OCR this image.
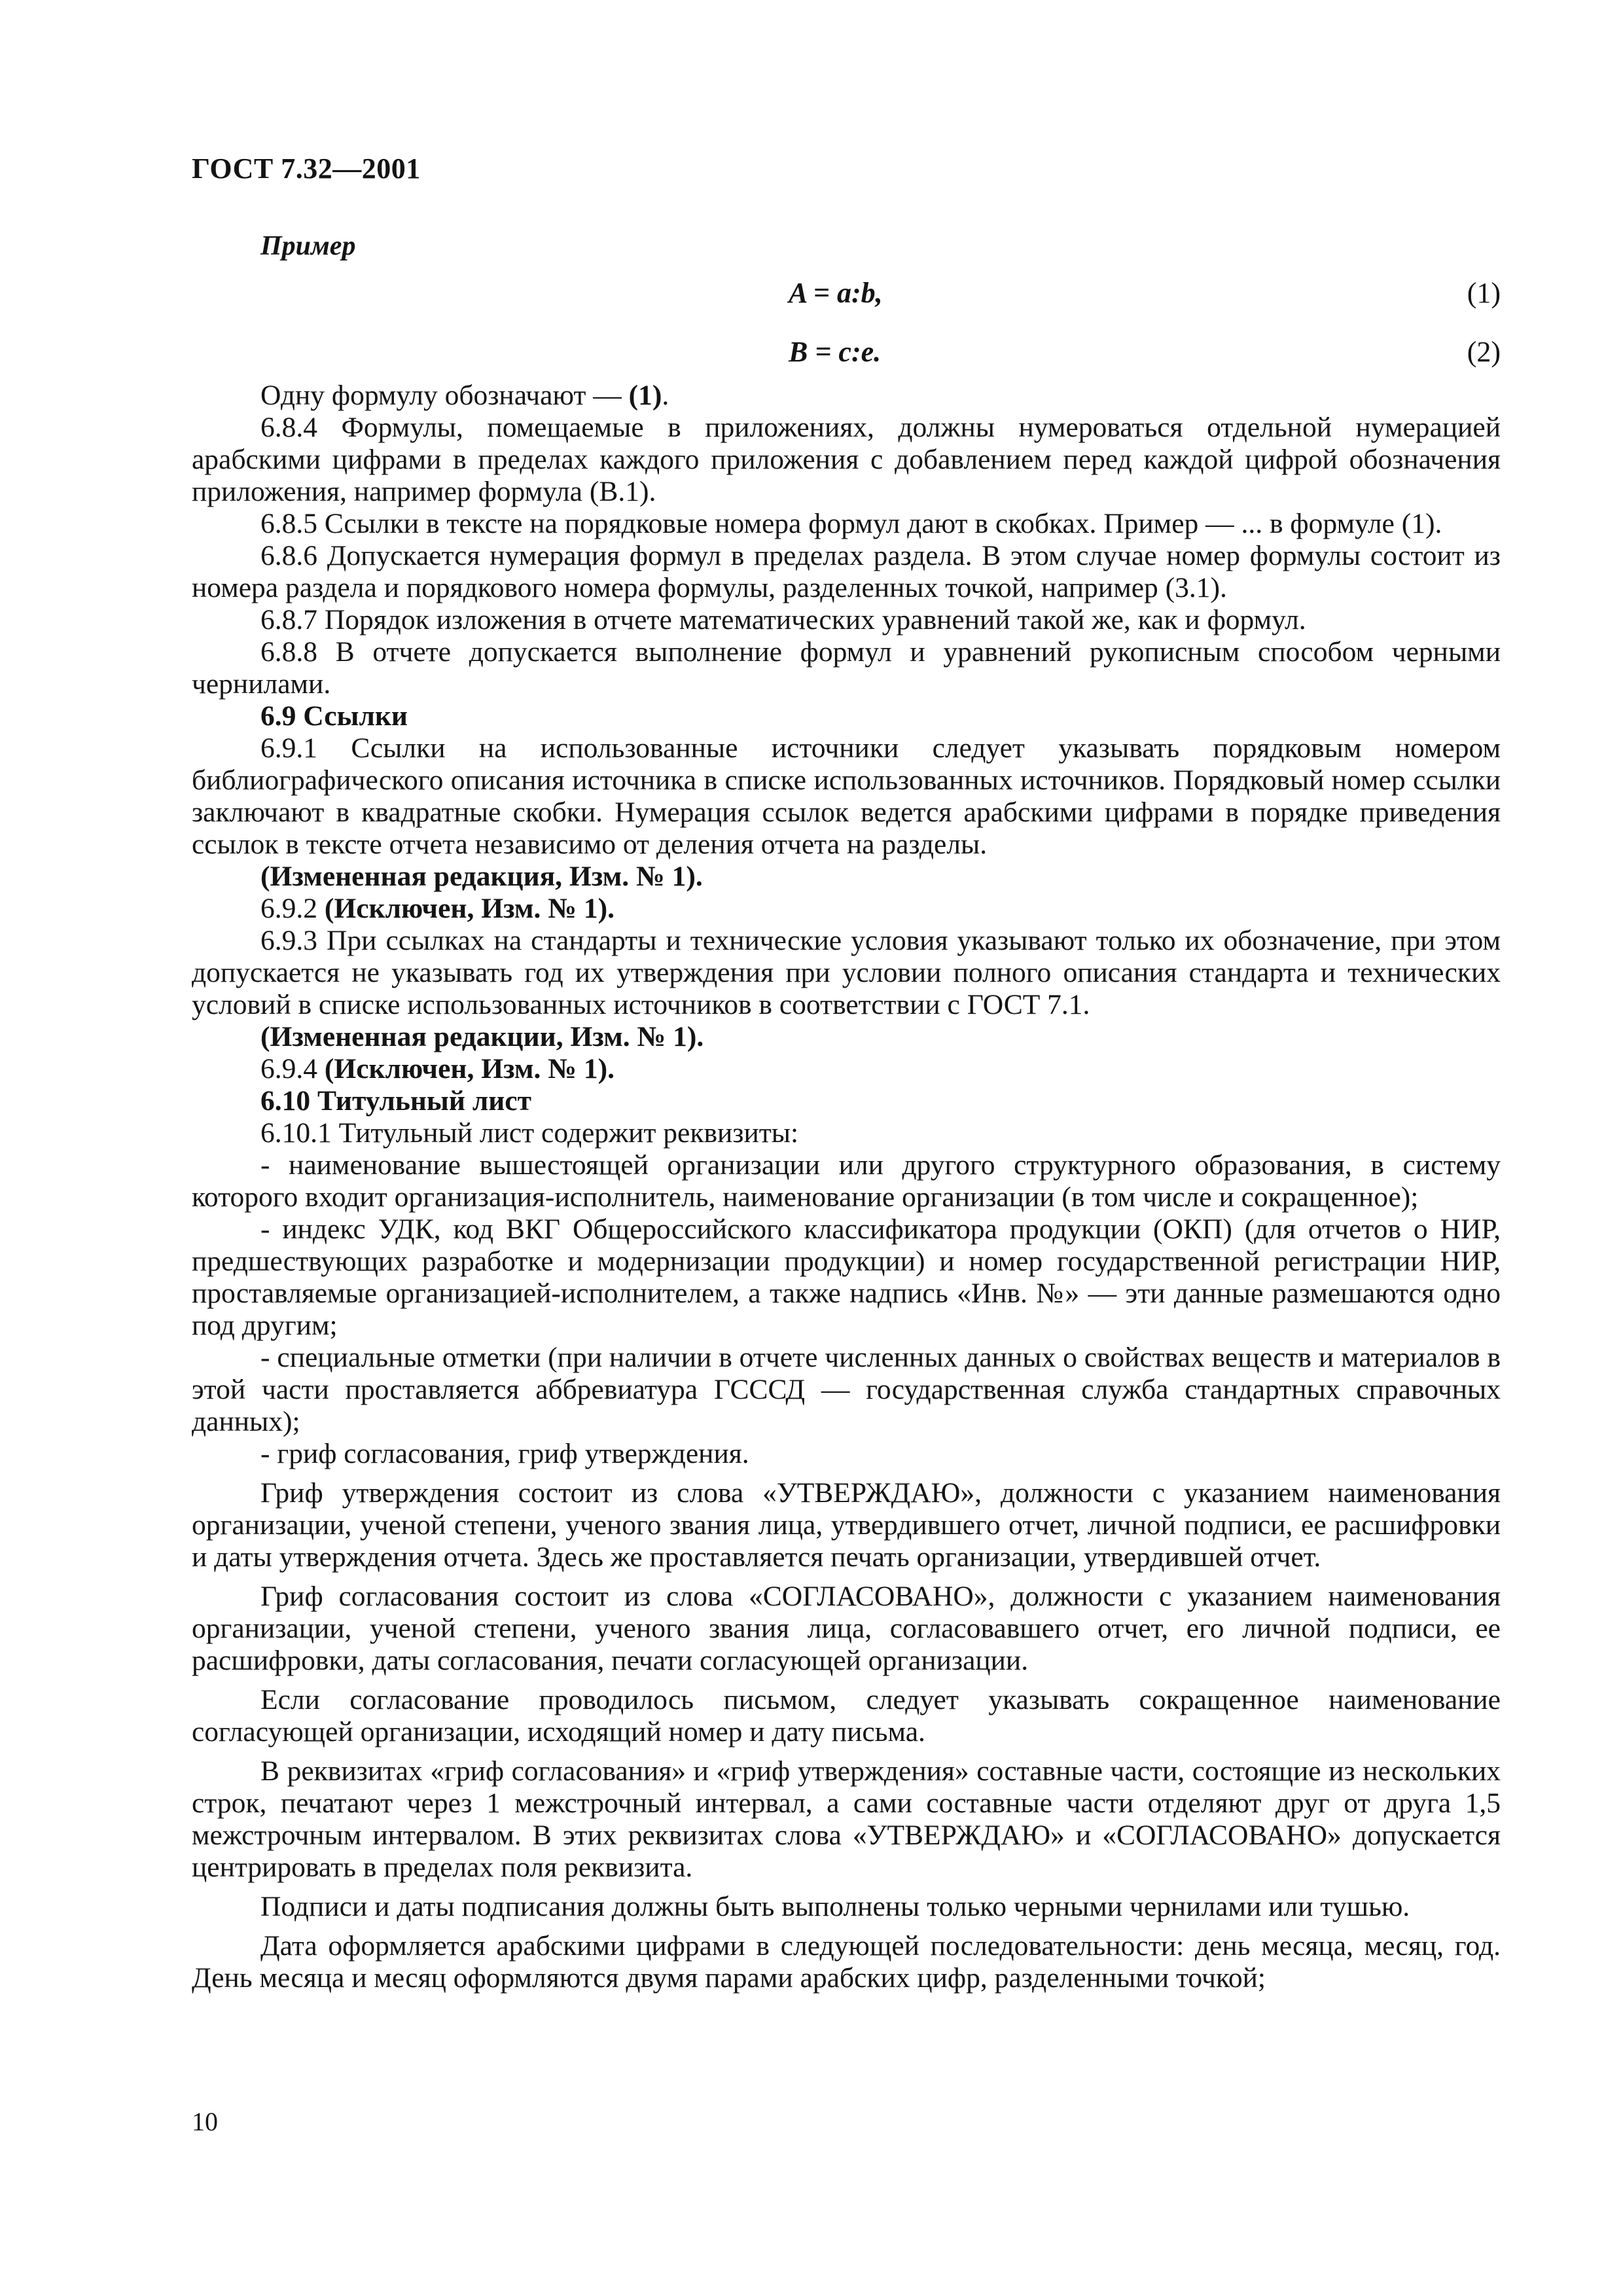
ГОСТ 7.32—2001
Пример
A = a:b,	(1)
B = c:e.	(2)

Одну формулу обозначают — (1).

6.8.4 Формулы, помещаемые в приложениях, должны нумероваться отдельной нумерацией арабскими цифрами в пределах каждого приложения с добавлением перед каждой цифрой обозначения приложения, например формула (В.1).

6.8.5 Ссылки в тексте на порядковые номера формул дают в скобках. Пример — ... в формуле (1).

6.8.6 Допускается нумерация формул в пределах раздела. В этом случае номер формулы состоит из номера раздела и порядкового номера формулы, разделенных точкой, например (3.1).

6.8.7 Порядок изложения в отчете математических уравнений такой же, как и формул.

6.8.8 В отчете допускается выполнение формул и уравнений рукописным способом черными чернилами.

6.9 Ссылки

6.9.1 Ссылки на использованные источники следует указывать порядковым номером библиографического описания источника в списке использованных источников. Порядковый номер ссылки заключают в квадратные скобки. Нумерация ссылок ведется арабскими цифрами в порядке приведения ссылок в тексте отчета независимо от деления отчета на разделы.

(Измененная редакция, Изм. № 1).

6.9.2 (Исключен, Изм. № 1).

6.9.3 При ссылках на стандарты и технические условия указывают только их обозначение, при этом допускается не указывать год их утверждения при условии полного описания стандарта и технических условий в списке использованных источников в соответствии с ГОСТ 7.1.

(Измененная редакции, Изм. № 1).

6.9.4 (Исключен, Изм. № 1).

6.10 Титульный лист

6.10.1 Титульный лист содержит реквизиты:

- наименование вышестоящей организации или другого структурного образования, в систему которого входит организация-исполнитель, наименование организации (в том числе и сокращенное);

- индекс УДК, код ВКГ Общероссийского классификатора продукции (ОКП) (для отчетов о НИР, предшествующих разработке и модернизации продукции) и номер государственной регистрации НИР, проставляемые организацией-исполнителем, а также надпись «Инв. №» — эти данные размешаются одно под другим;

- специальные отметки (при наличии в отчете численных данных о свойствах веществ и материалов в этой части проставляется аббревиатура ГСССД — государственная служба стандартных справочных данных);

- гриф согласования, гриф утверждения.

Гриф утверждения состоит из слова «УТВЕРЖДАЮ», должности с указанием наименования организации, ученой степени, ученого звания лица, утвердившего отчет, личной подписи, ее расшифровки и даты утверждения отчета. Здесь же проставляется печать организации, утвердившей отчет.

Гриф согласования состоит из слова «СОГЛАСОВАНО», должности с указанием наименования организации, ученой степени, ученого звания лица, согласовавшего отчет, его личной подписи, ее расшифровки, даты согласования, печати согласующей организации.

Если согласование проводилось письмом, следует указывать сокращенное наименование согласующей организации, исходящий номер и дату письма.

В реквизитах «гриф согласования» и «гриф утверждения» составные части, состоящие из нескольких строк, печатают через 1 межстрочный интервал, а сами составные части отделяют друг от друга 1,5 межстрочным интервалом. В этих реквизитах слова «УТВЕРЖДАЮ» и «СОГЛАСОВАНО» допускается центрировать в пределах поля реквизита.

Подписи и даты подписания должны быть выполнены только черными чернилами или тушью.

Дата оформляется арабскими цифрами в следующей последовательности: день месяца, месяц, год. День месяца и месяц оформляются двумя парами арабских цифр, разделенными точкой;

10
